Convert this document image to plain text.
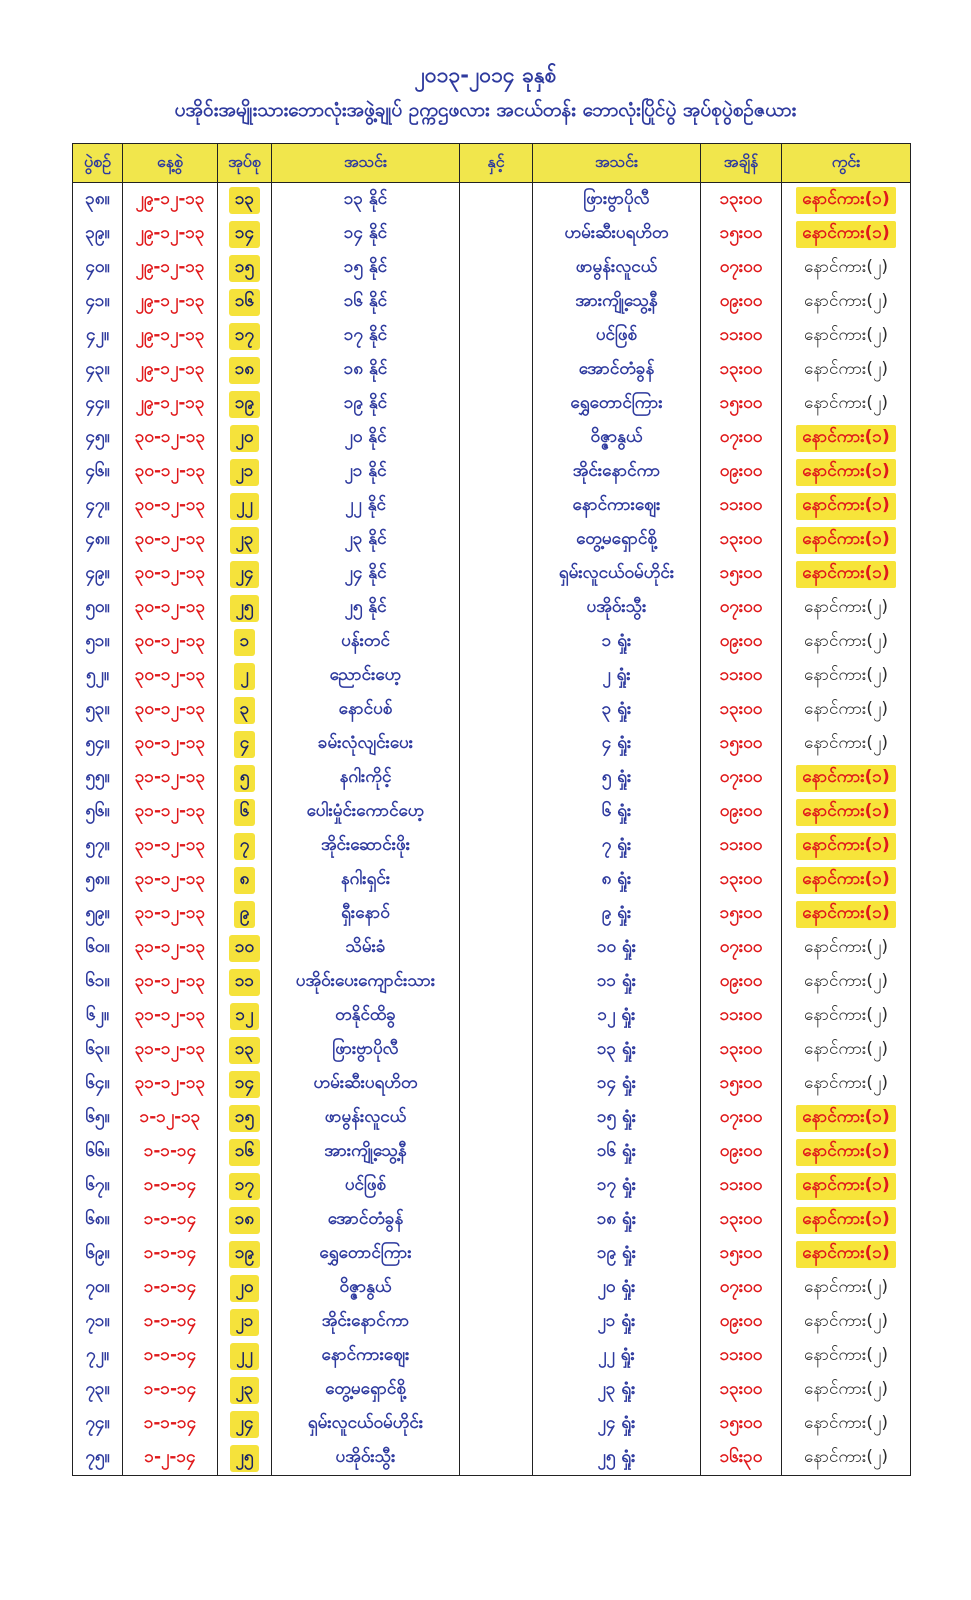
၂၀၁၃-၂၀၁၄ ခုနှစ်
ပအိုဝ်းအမျိုးသားဘောလုံးအဖွဲ့ချုပ် ဥက္ကဌဖလား အငယ်တန်း ဘောလုံးပြိုင်ပွဲ အုပ်စုပွဲစဉ်ဇယား
ပွဲစဉ်	နေ့စွဲ	အုပ်စု	အသင်း	နှင့်	အသင်း	အချိန်	ကွင်း
၃၈။	၂၉-၁၂-၁၃	၁၃	၁၃ နိုင်		ဖြားဗွာပိုလီ	၁၃း၀၀	နောင်ကား(၁)
၃၉။	၂၉-၁၂-၁၃	၁၄	၁၄ နိုင်		ဟမ်းဆီးပရဟိတ	၁၅း၀၀	နောင်ကား(၁)
၄၀။	၂၉-၁၂-၁၃	၁၅	၁၅ နိုင်		ဖာမွန်းလူငယ်	၀၇း၀၀	နောင်ကား(၂)
၄၁။	၂၉-၁၂-၁၃	၁၆	၁၆ နိုင်		အားကျို့သွေ့နီ	၀၉း၀၀	နောင်ကား(၂)
၄၂။	၂၉-၁၂-၁၃	၁၇	၁၇ နိုင်		ပင်ဖြစ်	၁၁း၀၀	နောင်ကား(၂)
၄၃။	၂၉-၁၂-၁၃	၁၈	၁၈ နိုင်		အောင်တံခွန်	၁၃း၀၀	နောင်ကား(၂)
၄၄။	၂၉-၁၂-၁၃	၁၉	၁၉ နိုင်		ရွှေတောင်ကြား	၁၅း၀၀	နောင်ကား(၂)
၄၅။	၃၀-၁၂-၁၃	၂၀	၂၀ နိုင်		ဝိဇ္ဇာနွယ်	၀၇း၀၀	နောင်ကား(၁)
၄၆။	၃၀-၁၂-၁၃	၂၁	၂၁ နိုင်		အိုင်းနောင်ကာ	၀၉း၀၀	နောင်ကား(၁)
၄၇။	၃၀-၁၂-၁၃	၂၂	၂၂ နိုင်		နောင်ကားဈေး	၁၁း၀၀	နောင်ကား(၁)
၄၈။	၃၀-၁၂-၁၃	၂၃	၂၃ နိုင်		တွေ့မရှောင်စို့	၁၃း၀၀	နောင်ကား(၁)
၄၉။	၃၀-၁၂-၁၃	၂၄	၂၄ နိုင်		ရှမ်းလူငယ်ဝမ်ဟိုင်း	၁၅း၀၀	နောင်ကား(၁)
၅၀။	၃၀-၁၂-၁၃	၂၅	၂၅ နိုင်		ပအိုဝ်းသွီး	၀၇း၀၀	နောင်ကား(၂)
၅၁။	၃၀-၁၂-၁၃	၁	ပန်းတင်		၁ ရှုံး	၀၉း၀၀	နောင်ကား(၂)
၅၂။	၃၀-၁၂-၁၃	၂	ညောင်းပော့		၂ ရှုံး	၁၁း၀၀	နောင်ကား(၂)
၅၃။	၃၀-၁၂-၁၃	၃	နောင်ပစ်		၃ ရှုံး	၁၃း၀၀	နောင်ကား(၂)
၅၄။	၃၀-၁၂-၁၃	၄	ခမ်းလုံလျင်းပေး		၄ ရှုံး	၁၅း၀၀	နောင်ကား(၂)
၅၅။	၃၁-၁၂-၁၃	၅	နဂါးကိုင့်		၅ ရှုံး	၀၇း၀၀	နောင်ကား(၁)
၅၆။	၃၁-၁၂-၁၃	၆	ပေါးမှုံင်းကောင်ပော့		၆ ရှုံး	၀၉း၀၀	နောင်ကား(၁)
၅၇။	၃၁-၁၂-၁၃	၇	အိုင်းဆောင်းဖိုး		၇ ရှုံး	၁၁း၀၀	နောင်ကား(၁)
၅၈။	၃၁-၁၂-၁၃	၈	နဂါးရှင်း		၈ ရှုံး	၁၃း၀၀	နောင်ကား(၁)
၅၉။	၃၁-၁၂-၁၃	၉	ရှီးနောဝ်		၉ ရှုံး	၁၅း၀၀	နောင်ကား(၁)
၆၀။	၃၁-၁၂-၁၃	၁၀	သိမ်းခံ		၁၀ ရှုံး	၀၇း၀၀	နောင်ကား(၂)
၆၁။	၃၁-၁၂-၁၃	၁၁	ပအိုဝ်းပေးကျောင်းသား		၁၁ ရှုံး	၀၉း၀၀	နောင်ကား(၂)
၆၂။	၃၁-၁၂-၁၃	၁၂	တနိုင်ထိခွ		၁၂ ရှုံး	၁၁း၀၀	နောင်ကား(၂)
၆၃။	၃၁-၁၂-၁၃	၁၃	ဖြားဗွာပိုလီ		၁၃ ရှုံး	၁၃း၀၀	နောင်ကား(၂)
၆၄။	၃၁-၁၂-၁၃	၁၄	ဟမ်းဆီးပရဟိတ		၁၄ ရှုံး	၁၅း၀၀	နောင်ကား(၂)
၆၅။	၁-၁၂-၁၃	၁၅	ဖာမွန်းလူငယ်		၁၅ ရှုံး	၀၇း၀၀	နောင်ကား(၁)
၆၆။	၁-၁-၁၄	၁၆	အားကျို့သွေ့နီ		၁၆ ရှုံး	၀၉း၀၀	နောင်ကား(၁)
၆၇။	၁-၁-၁၄	၁၇	ပင်ဖြစ်		၁၇ ရှုံး	၁၁း၀၀	နောင်ကား(၁)
၆၈။	၁-၁-၁၄	၁၈	အောင်တံခွန်		၁၈ ရှုံး	၁၃း၀၀	နောင်ကား(၁)
၆၉။	၁-၁-၁၄	၁၉	ရွှေတောင်ကြား		၁၉ ရှုံး	၁၅း၀၀	နောင်ကား(၁)
၇၀။	၁-၁-၁၄	၂၀	ဝိဇ္ဇာနွယ်		၂၀ ရှုံး	၀၇း၀၀	နောင်ကား(၂)
၇၁။	၁-၁-၁၄	၂၁	အိုင်းနောင်ကာ		၂၁ ရှုံး	၀၉း၀၀	နောင်ကား(၂)
၇၂။	၁-၁-၁၄	၂၂	နောင်ကားဈေး		၂၂ ရှုံး	၁၁း၀၀	နောင်ကား(၂)
၇၃။	၁-၁-၁၄	၂၃	တွေ့မရှောင်စို့		၂၃ ရှုံး	၁၃း၀၀	နောင်ကား(၂)
၇၄။	၁-၁-၁၄	၂၄	ရှမ်းလူငယ်ဝမ်ဟိုင်း		၂၄ ရှုံး	၁၅း၀၀	နောင်ကား(၂)
၇၅။	၁-၂-၁၄	၂၅	ပအိုဝ်းသွီး		၂၅ ရှုံး	၁၆း၃၀	နောင်ကား(၂)
